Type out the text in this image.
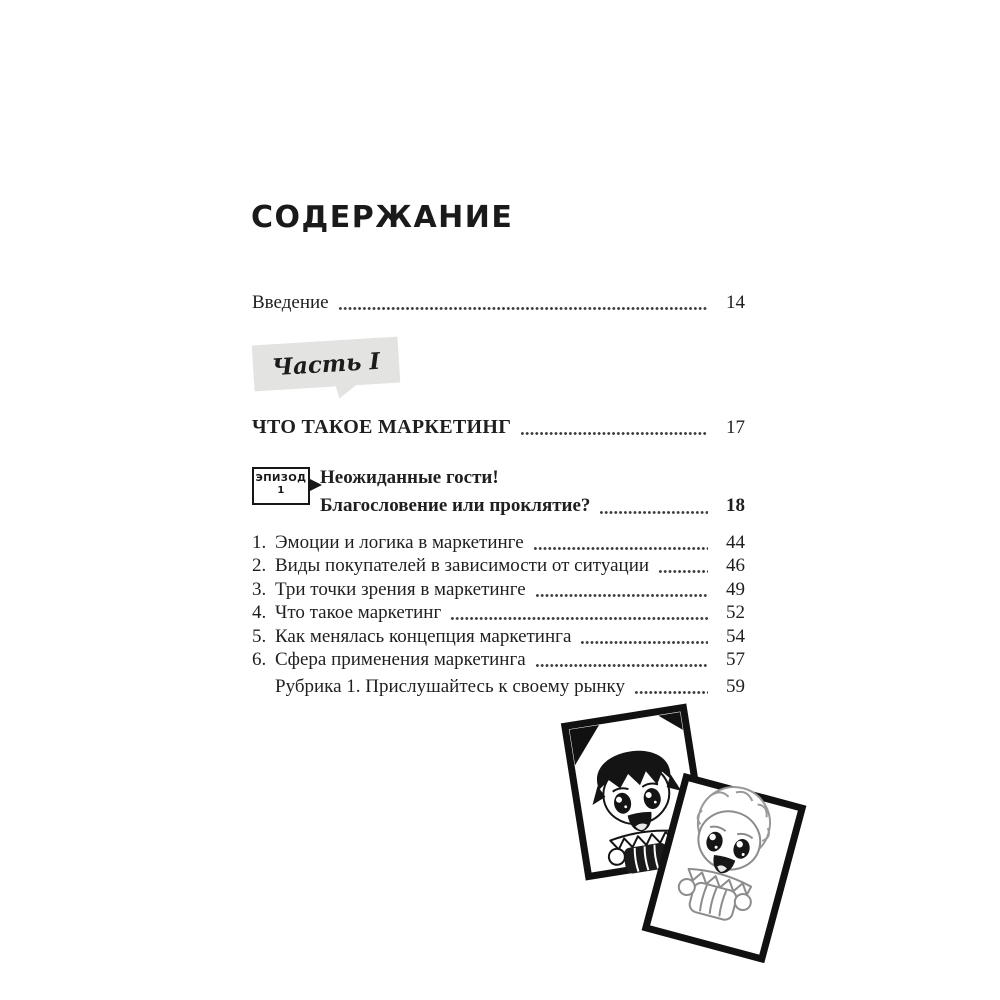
СОДЕРЖАНИЕ
Введение	14
Часть I
ЧТО ТАКОЕ МАРКЕТИНГ	17
ЭПИЗОД
1
Неожиданные гости!
Благословение или проклятие?	18
1. Эмоции и логика в маркетинге	44
2. Виды покупателей в зависимости от ситуации	46
3. Три точки зрения в маркетинге	49
4. Что такое маркетинг	52
5. Как менялась концепция маркетинга	54
6. Сфера применения маркетинга	57
Рубрика 1. Прислушайтесь к своему рынку	59
